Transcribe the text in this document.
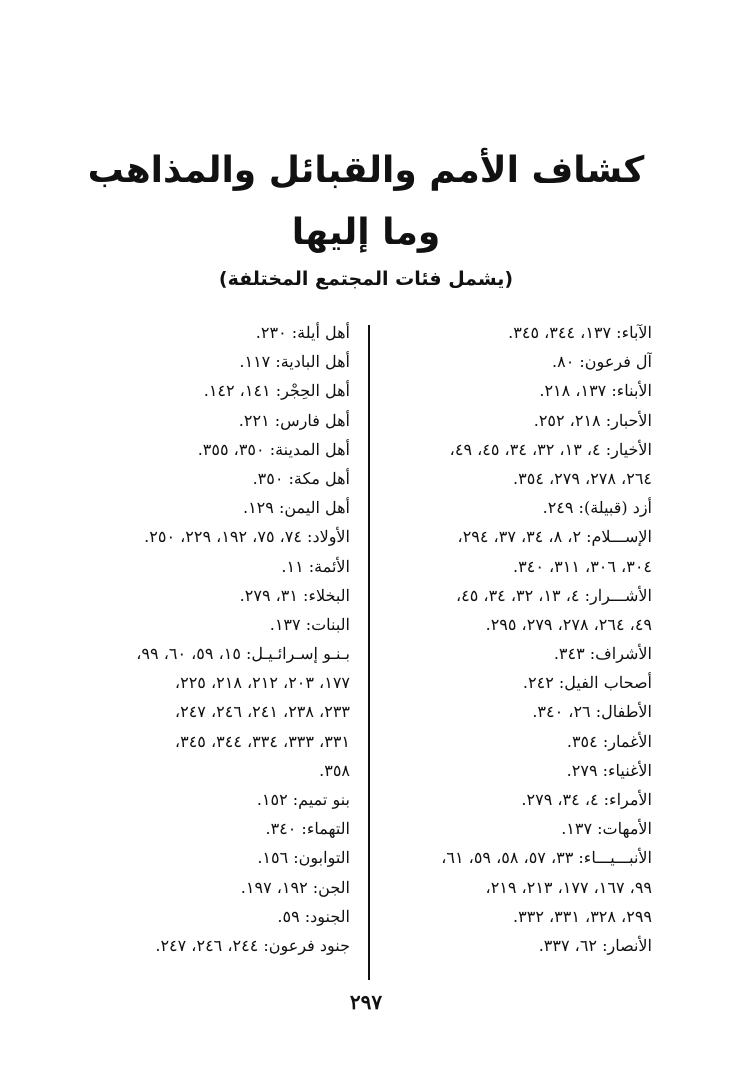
كشاف الأمم والقبائل والمذاهب
وما إليها
(يشمل فئات المجتمع المختلفة)
الآباء: ١٣٧، ٣٤٤، ٣٤٥.
آل فرعون: ٨٠.
الأبناء: ١٣٧، ٢١٨.
الأحبار: ٢١٨، ٢٥٢.
الأخيار: ٤، ١٣، ٣٢، ٣٤، ٤٥، ٤٩،
٢٦٤، ٢٧٨، ٢٧٩، ٣٥٤.
أزد (قبيلة): ٢٤٩.
الإســـلام: ٢، ٨، ٣٤، ٣٧، ٢٩٤،
٣٠٤، ٣٠٦، ٣١١، ٣٤٠.
الأشـــرار: ٤، ١٣، ٣٢، ٣٤، ٤٥،
٤٩، ٢٦٤، ٢٧٨، ٢٧٩، ٢٩٥.
الأشراف: ٣٤٣.
أصحاب الفيل: ٢٤٢.
الأطفال: ٢٦، ٣٤٠.
الأغمار: ٣٥٤.
الأغنياء: ٢٧٩.
الأمراء: ٤، ٣٤، ٢٧٩.
الأمهات: ١٣٧.
الأنبـــيـــاء: ٣٣، ٥٧، ٥٨، ٥٩، ٦١،
٩٩، ١٦٧، ١٧٧، ٢١٣، ٢١٩،
٢٩٩، ٣٢٨، ٣٣١، ٣٣٢.
الأنصار: ٦٢، ٣٣٧.
أهل أيلة: ٢٣٠.
أهل البادية: ١١٧.
أهل الحِجْر: ١٤١، ١٤٢.
أهل فارس: ٢٢١.
أهل المدينة: ٣٥٠، ٣٥٥.
أهل مكة: ٣٥٠.
أهل اليمن: ١٢٩.
الأولاد: ٧٤، ٧٥، ١٩٢، ٢٢٩، ٢٥٠.
الأئمة: ١١.
البخلاء: ٣١، ٢٧٩.
البنات: ١٣٧.
بـنـو إسـرائـيـل: ١٥، ٥٩، ٦٠، ٩٩،
١٧٧، ٢٠٣، ٢١٢، ٢١٨، ٢٢٥،
٢٣٣، ٢٣٨، ٢٤١، ٢٤٦، ٢٤٧،
٣٣١، ٣٣٣، ٣٣٤، ٣٤٤، ٣٤٥،
٣٥٨.
بنو تميم: ١٥٢.
التهماء: ٣٤٠.
التوابون: ١٥٦.
الجن: ١٩٢، ١٩٧.
الجنود: ٥٩.
جنود فرعون: ٢٤٤، ٢٤٦، ٢٤٧.
٢٩٧
